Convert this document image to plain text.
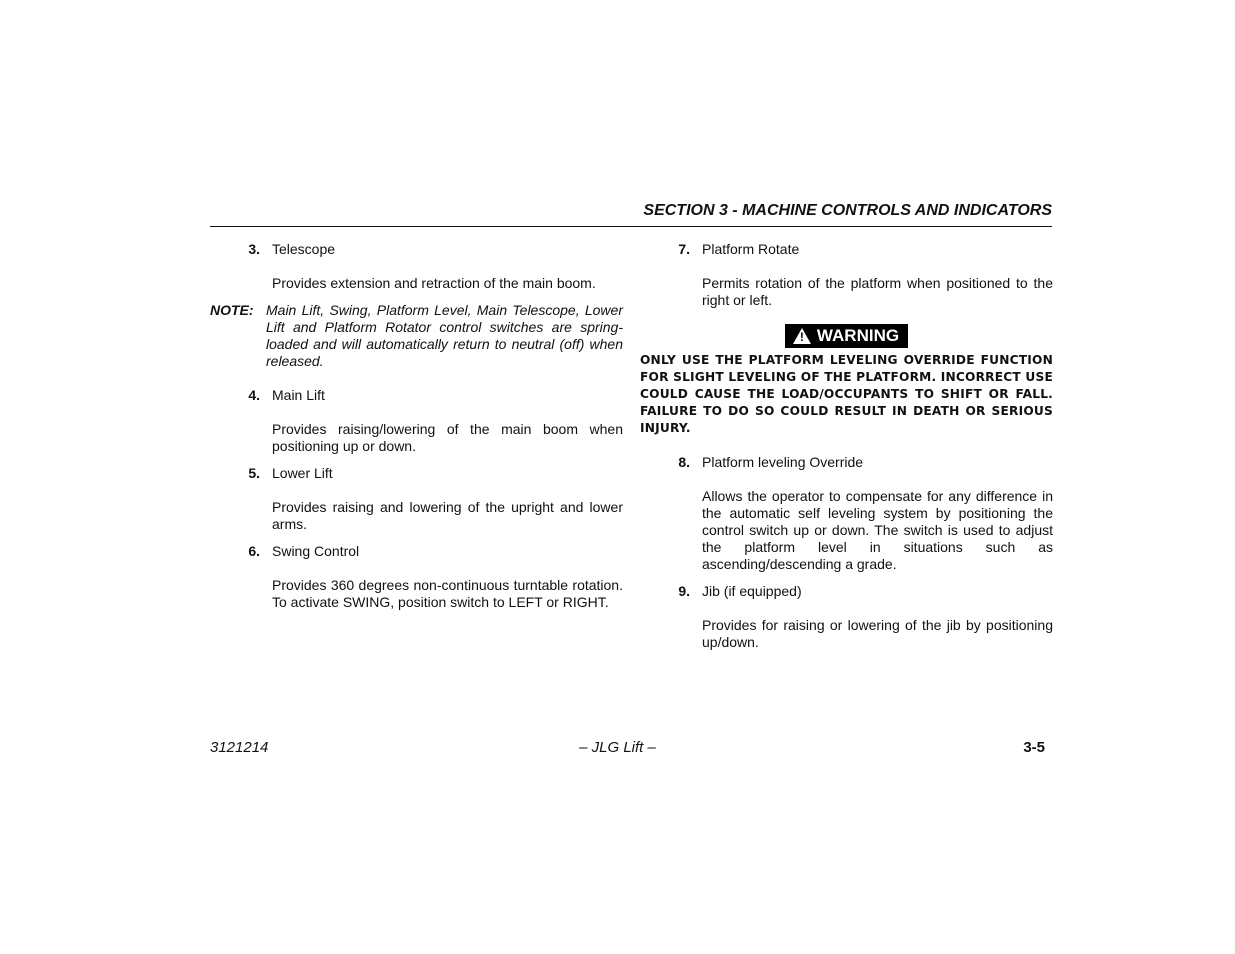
SECTION 3 - MACHINE CONTROLS AND INDICATORS
3. Telescope
Provides extension and retraction of the main boom.
NOTE: Main Lift, Swing, Platform Level, Main Telescope, Lower Lift and Platform Rotator control switches are spring-loaded and will automatically return to neutral (off) when released.
4. Main Lift
Provides raising/lowering of the main boom when positioning up or down.
5. Lower Lift
Provides raising and lowering of the upright and lower arms.
6. Swing Control
Provides 360 degrees non-continuous turntable rotation. To activate SWING, position switch to LEFT or RIGHT.
7. Platform Rotate
Permits rotation of the platform when positioned to the right or left.
! WARNING
ONLY USE THE PLATFORM LEVELING OVERRIDE FUNCTION FOR SLIGHT LEVELING OF THE PLATFORM. INCORRECT USE COULD CAUSE THE LOAD/OCCUPANTS TO SHIFT OR FALL. FAILURE TO DO SO COULD RESULT IN DEATH OR SERIOUS INJURY.
8. Platform leveling Override
Allows the operator to compensate for any difference in the automatic self leveling system by positioning the control switch up or down. The switch is used to adjust the platform level in situations such as ascending/descending a grade.
9. Jib (if equipped)
Provides for raising or lowering of the jib by positioning up/down.
3121214	– JLG Lift –	3-5
